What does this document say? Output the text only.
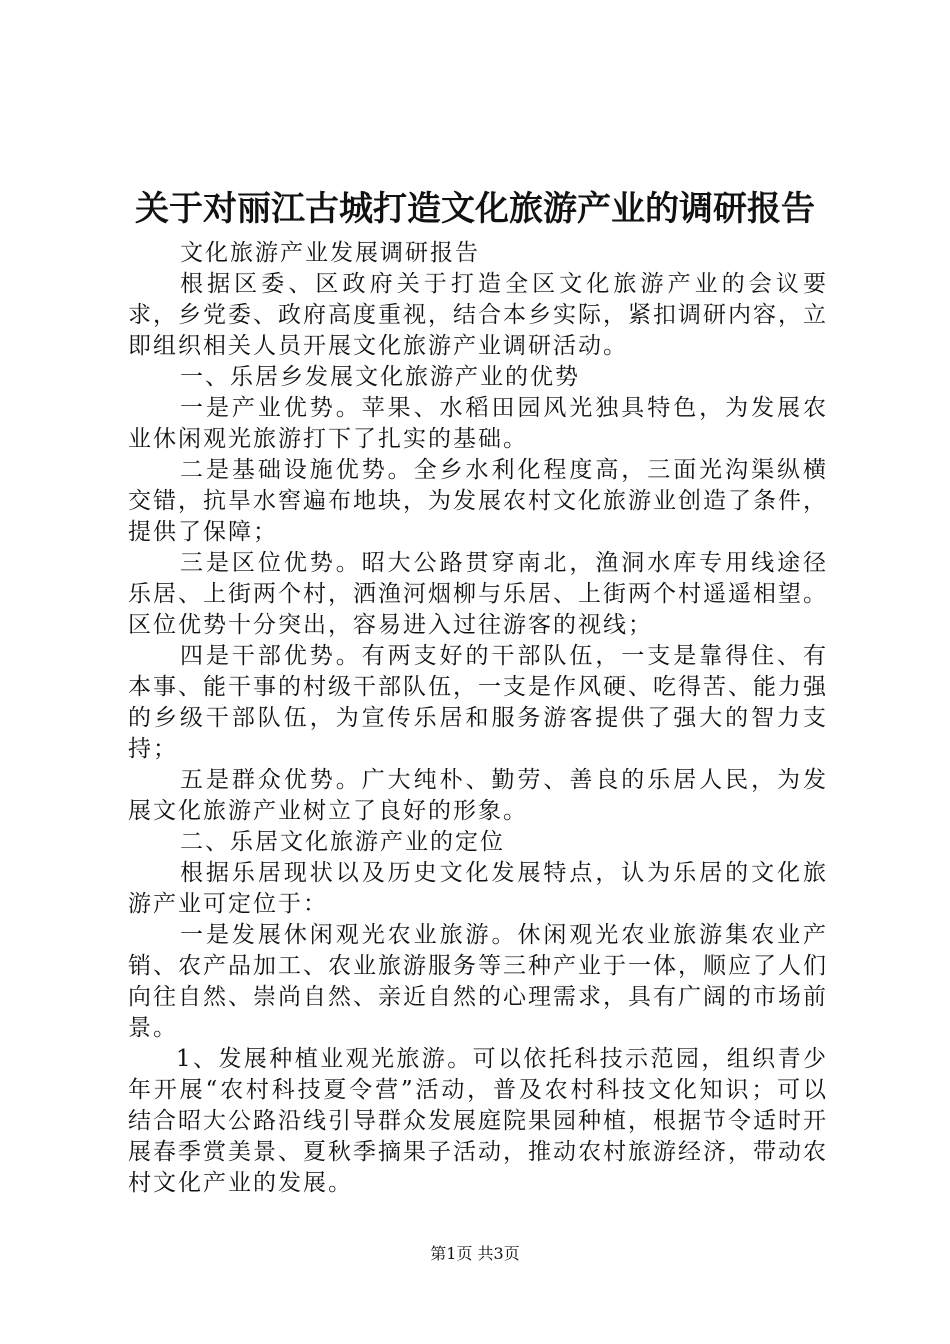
关于对丽江古城打造文化旅游产业的调研报告

文化旅游产业发展调研报告

根据区委、区政府关于打造全区文化旅游产业的会议要求，乡党委、政府高度重视，结合本乡实际，紧扣调研内容，立即组织相关人员开展文化旅游产业调研活动。

一、乐居乡发展文化旅游产业的优势

一是产业优势。苹果、水稻田园风光独具特色，为发展农业休闲观光旅游打下了扎实的基础。

二是基础设施优势。全乡水利化程度高，三面光沟渠纵横交错，抗旱水窖遍布地块，为发展农村文化旅游业创造了条件，提供了保障；

三是区位优势。昭大公路贯穿南北，渔洞水库专用线途径乐居、上街两个村，洒渔河烟柳与乐居、上街两个村遥遥相望。区位优势十分突出，容易进入过往游客的视线；

四是干部优势。有两支好的干部队伍，一支是靠得住、有本事、能干事的村级干部队伍，一支是作风硬、吃得苦、能力强的乡级干部队伍，为宣传乐居和服务游客提供了强大的智力支持；

五是群众优势。广大纯朴、勤劳、善良的乐居人民，为发展文化旅游产业树立了良好的形象。

二、乐居文化旅游产业的定位

根据乐居现状以及历史文化发展特点，认为乐居的文化旅游产业可定位于：

一是发展休闲观光农业旅游。休闲观光农业旅游集农业产销、农产品加工、农业旅游服务等三种产业于一体，顺应了人们向往自然、崇尚自然、亲近自然的心理需求，具有广阔的市场前景。

1、发展种植业观光旅游。可以依托科技示范园，组织青少年开展“农村科技夏令营”活动，普及农村科技文化知识；可以结合昭大公路沿线引导群众发展庭院果园种植，根据节令适时开展春季赏美景、夏秋季摘果子活动，推动农村旅游经济，带动农村文化产业的发展。

第1页 共3页
